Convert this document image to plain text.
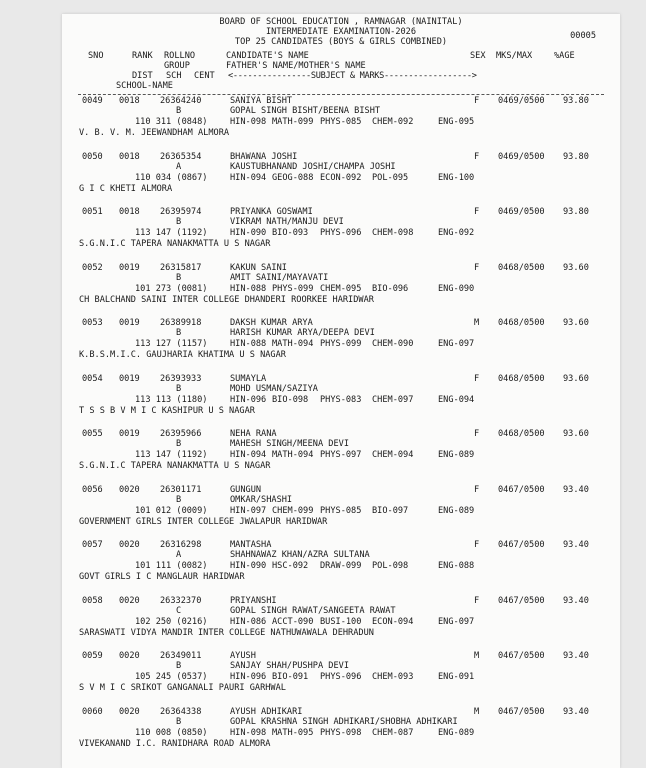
BOARD OF SCHOOL EDUCATION , RAMNAGAR (NAINITAL)
INTERMEDIATE EXAMINATION-2026
TOP 25 CANDIDATES (BOYS & GIRLS COMBINED)
00005
SNO	RANK ROLLNO	CANDIDATE'S NAME	SEX MKS/MAX	%AGE
GROUP	FATHER'S NAME/MOTHER'S NAME
DIST SCH CENT <----------------SUBJECT & MARKS------------------>
SCHOOL-NAME
0049 0018 26364240	SANIYA BISHT	F 0469/0500 93.80
B	GOPAL SINGH BISHT/BEENA BISHT
110 311 (0848)	HIN-098 MATH-099 PHYS-085 CHEM-092	ENG-095
V. B. V. M. JEEWANDHAM ALMORA
0050 0018 26365354	BHAWANA JOSHI	F 0469/0500 93.80
A	KAUSTUBHANAND JOSHI/CHAMPA JOSHI
110 034 (0867)	HIN-094 GEOG-088 ECON-092 POL-095	ENG-100
G I C KHETI ALMORA
0051 0018 26395974	PRIYANKA GOSWAMI	F 0469/0500 93.80
B	VIKRAM NATH/MANJU DEVI
113 147 (1192)	HIN-090 BIO-093 PHYS-096 CHEM-098	ENG-092
S.G.N.I.C TAPERA NANAKMATTA U S NAGAR
0052 0019 26315817	KAKUN SAINI	F 0468/0500 93.60
B	AMIT SAINI/MAYAVATI
101 273 (0081)	HIN-088 PHYS-099 CHEM-095 BIO-096	ENG-090
CH BALCHAND SAINI INTER COLLEGE DHANDERI ROORKEE HARIDWAR
0053 0019 26389918	DAKSH KUMAR ARYA	M 0468/0500 93.60
B	HARISH KUMAR ARYA/DEEPA DEVI
113 127 (1157)	HIN-088 MATH-094 PHYS-099 CHEM-090	ENG-097
K.B.S.M.I.C. GAUJHARIA KHATIMA U S NAGAR
0054 0019 26393933	SUMAYLA	F 0468/0500 93.60
B	MOHD USMAN/SAZIYA
113 113 (1180)	HIN-096 BIO-098 PHYS-083 CHEM-097	ENG-094
T S S B V M I C KASHIPUR U S NAGAR
0055 0019 26395966	NEHA RANA	F 0468/0500 93.60
B	MAHESH SINGH/MEENA DEVI
113 147 (1192)	HIN-094 MATH-094 PHYS-097 CHEM-094	ENG-089
S.G.N.I.C TAPERA NANAKMATTA U S NAGAR
0056 0020 26301171	GUNGUN	F 0467/0500 93.40
B	OMKAR/SHASHI
101 012 (0009)	HIN-097 CHEM-099 PHYS-085 BIO-097	ENG-089
GOVERNMENT GIRLS INTER COLLEGE JWALAPUR HARIDWAR
0057 0020 26316298	MANTASHA	F 0467/0500 93.40
A	SHAHNAWAZ KHAN/AZRA SULTANA
101 111 (0082)	HIN-090 HSC-092 DRAW-099 POL-098	ENG-088
GOVT GIRLS I C MANGLAUR HARIDWAR
0058 0020 26332370	PRIYANSHI	F 0467/0500 93.40
C	GOPAL SINGH RAWAT/SANGEETA RAWAT
102 250 (0216)	HIN-086 ACCT-090 BUSI-100 ECON-094	ENG-097
SARASWATI VIDYA MANDIR INTER COLLEGE NATHUWAWALA DEHRADUN
0059 0020 26349011	AYUSH	M 0467/0500 93.40
B	SANJAY SHAH/PUSHPA DEVI
105 245 (0537)	HIN-096 BIO-091 PHYS-096 CHEM-093	ENG-091
S V M I C SRIKOT GANGANALI PAURI GARHWAL
0060 0020 26364338	AYUSH ADHIKARI	M 0467/0500 93.40
B	GOPAL KRASHNA SINGH ADHIKARI/SHOBHA ADHIKARI
110 008 (0850)	HIN-098 MATH-095 PHYS-098 CHEM-087	ENG-089
VIVEKANAND I.C. RANIDHARA ROAD ALMORA
